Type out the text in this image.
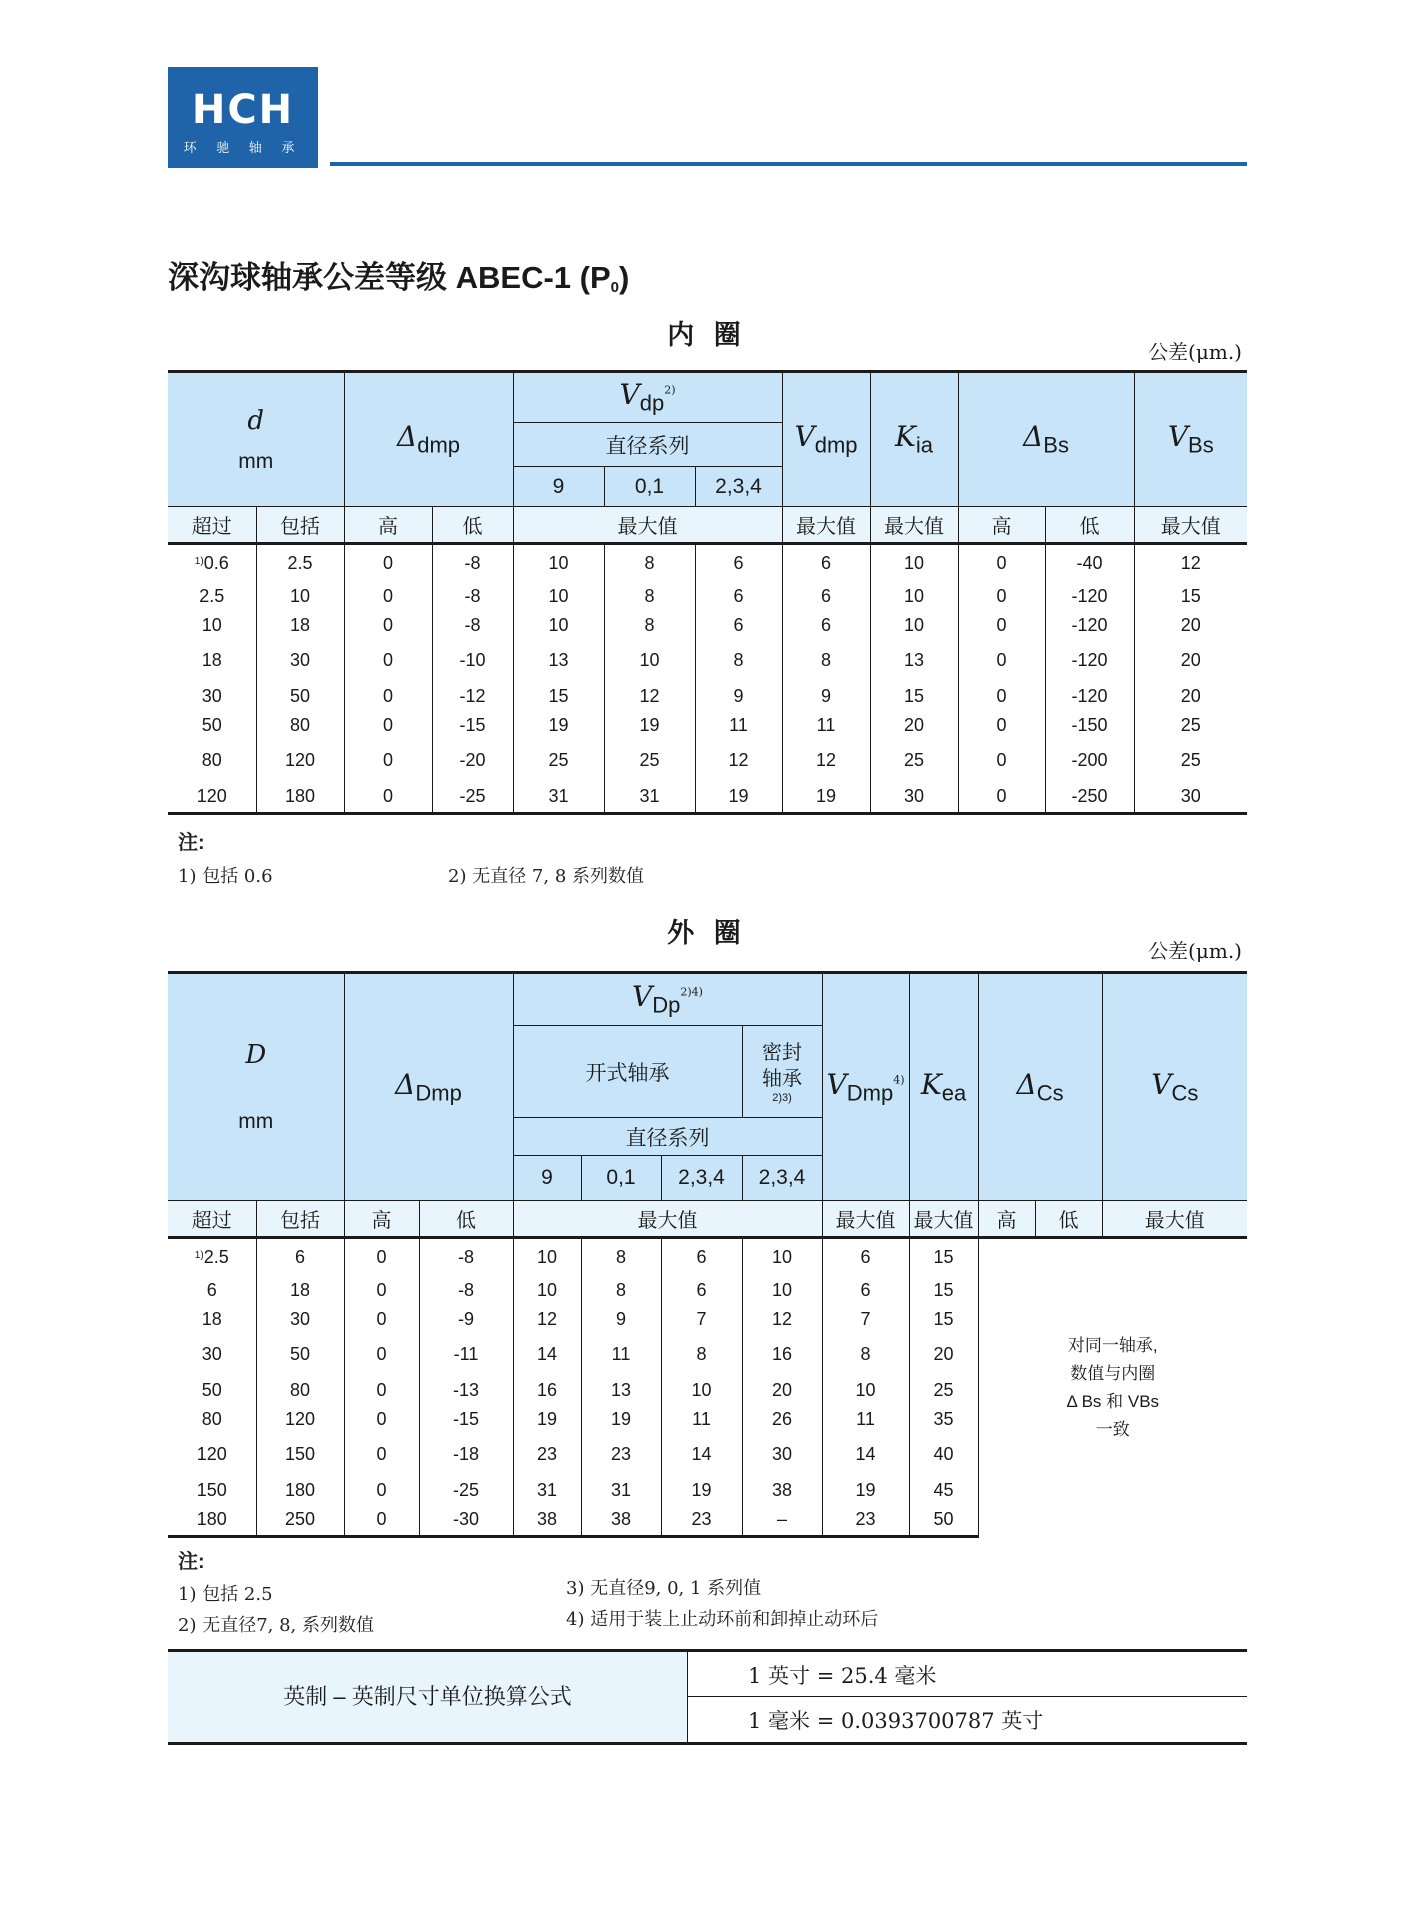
HCH
环 驰 轴 承
深沟球轴承公差等级 ABEC-1 $(P_0)$
内 圈
公差(μm.)
d
mm		$\Delta_{dmp}$		$V_{dp}^{2)}$			$V_{dmp}$	$K_{ia}$	$\Delta_{Bs}$		$V_{Bs}$
				直径系列							
				9	0,1	2,3,4					
超过	包括	高	低	最大值			最大值	最大值	高	低	最大值
$^{1)}$0.6	2.5	0	-8	10	8	6	6	10	0	-40	12
2.5	10	0	-8	10	8	6	6	10	0	-120	15
10	18	0	-8	10	8	6	6	10	0	-120	20
18	30	0	-10	13	10	8	8	13	0	-120	20
30	50	0	-12	15	12	9	9	15	0	-120	20
50	80	0	-15	19	19	11	11	20	0	-150	25
80	120	0	-20	25	25	12	12	25	0	-200	25
120	180	0	-25	31	31	19	19	30	0	-250	30
注:
1) 包括 0.6	2) 无直径 7, 8 系列数值
外 圈
公差(μm.)
D
mm		$\Delta_{Dmp}$		$V_{Dp}^{2)4)}$				$V_{Dmp}^{4)}$	$K_{ea}$	$\Delta_{Cs}$		$V_{Cs}$
				开式轴承			密封
轴承
2)3)					

				直径系列								
				9	0,1	2,3,4	2,3,4					
超过	包括	高	低	最大值				最大值	最大值	高	低	最大值
$^{1)}$2.5	6	0	-8	10	8	6	10	6	15	对同一轴承,
数值与内圈
Δ Bs 和 VBs
一致		

6	18	0	-8	10	8	6	10	6	15			
18	30	0	-9	12	9	7	12	7	15			
30	50	0	-11	14	11	8	16	8	20			
50	80	0	-13	16	13	10	20	10	25			
80	120	0	-15	19	19	11	26	11	35			
120	150	0	-18	23	23	14	30	14	40			
150	180	0	-25	31	31	19	38	19	45			
180	250	0	-30	38	38	23	–	23	50			
注:
1) 包括 2.5
2) 无直径7, 8, 系列数值
3) 无直径9, 0, 1 系列值
4) 适用于装上止动环前和卸掉止动环后
英制 – 英制尺寸单位换算公式
1 英寸 = 25.4 毫米
1 毫米 = 0.0393700787 英寸
